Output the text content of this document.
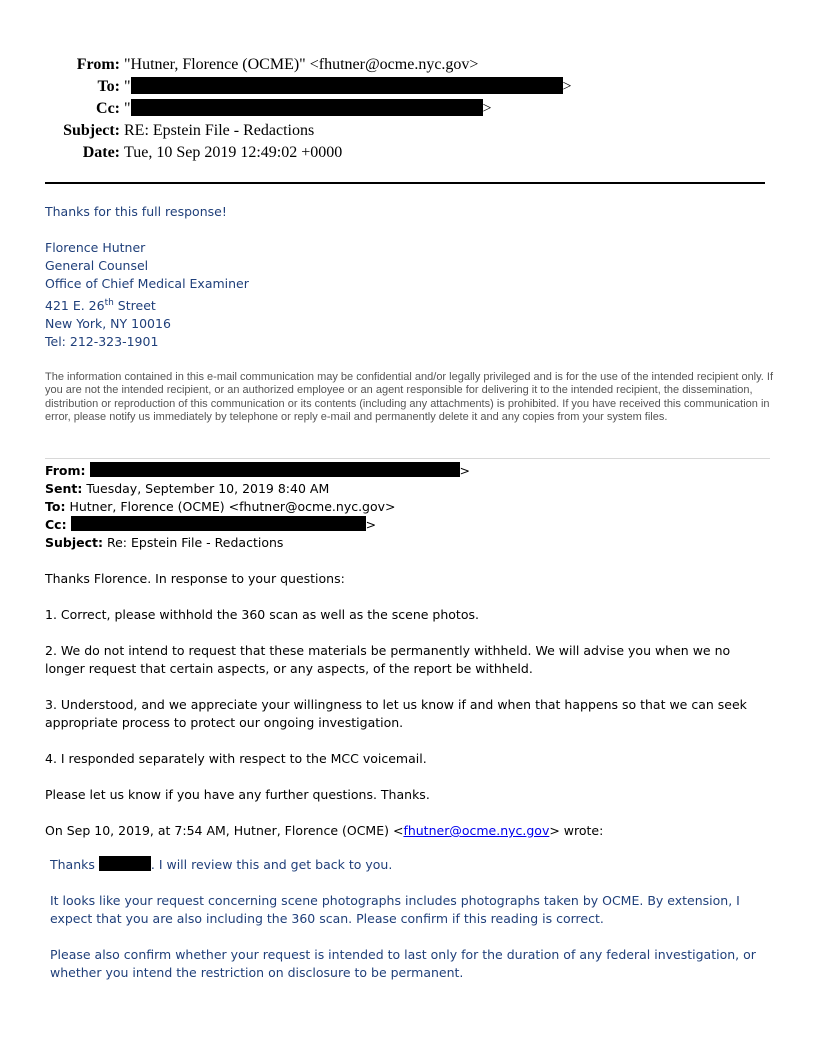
From: "Hutner, Florence (OCME)" <fhutner@ocme.nyc.gov>
To: "	>
Cc: "	>
Subject: RE: Epstein File - Redactions
Date: Tue, 10 Sep 2019 12:49:02 +0000
Thanks for this full response!
Florence Hutner
General Counsel
Office of Chief Medical Examiner
421 E. 26th Street
New York, NY 10016
Tel: 212-323-1901
The information contained in this e-mail communication may be confidential and/or legally privileged and is for the use of the intended recipient only. If you are not the intended recipient, or an authorized employee or an agent responsible for delivering it to the intended recipient, the dissemination, distribution or reproduction of this communication or its contents (including any attachments) is prohibited. If you have received this communication in error, please notify us immediately by telephone or reply e-mail and permanently delete it and any copies from your system files.
From:	>
Sent: Tuesday, September 10, 2019 8:40 AM
To: Hutner, Florence (OCME) <fhutner@ocme.nyc.gov>
Cc:	>
Subject: Re: Epstein File - Redactions
Thanks Florence. In response to your questions:
1. Correct, please withhold the 360 scan as well as the scene photos.
2. We do not intend to request that these materials be permanently withheld. We will advise you when we no longer request that certain aspects, or any aspects, of the report be withheld.
3. Understood, and we appreciate your willingness to let us know if and when that happens so that we can seek appropriate process to protect our ongoing investigation.
4. I responded separately with respect to the MCC voicemail.
Please let us know if you have any further questions. Thanks.
On Sep 10, 2019, at 7:54 AM, Hutner, Florence (OCME) <fhutner@ocme.nyc.gov> wrote:
Thanks	. I will review this and get back to you.
It looks like your request concerning scene photographs includes photographs taken by OCME. By extension, I expect that you are also including the 360 scan. Please confirm if this reading is correct.
Please also confirm whether your request is intended to last only for the duration of any federal investigation, or whether you intend the restriction on disclosure to be permanent.
